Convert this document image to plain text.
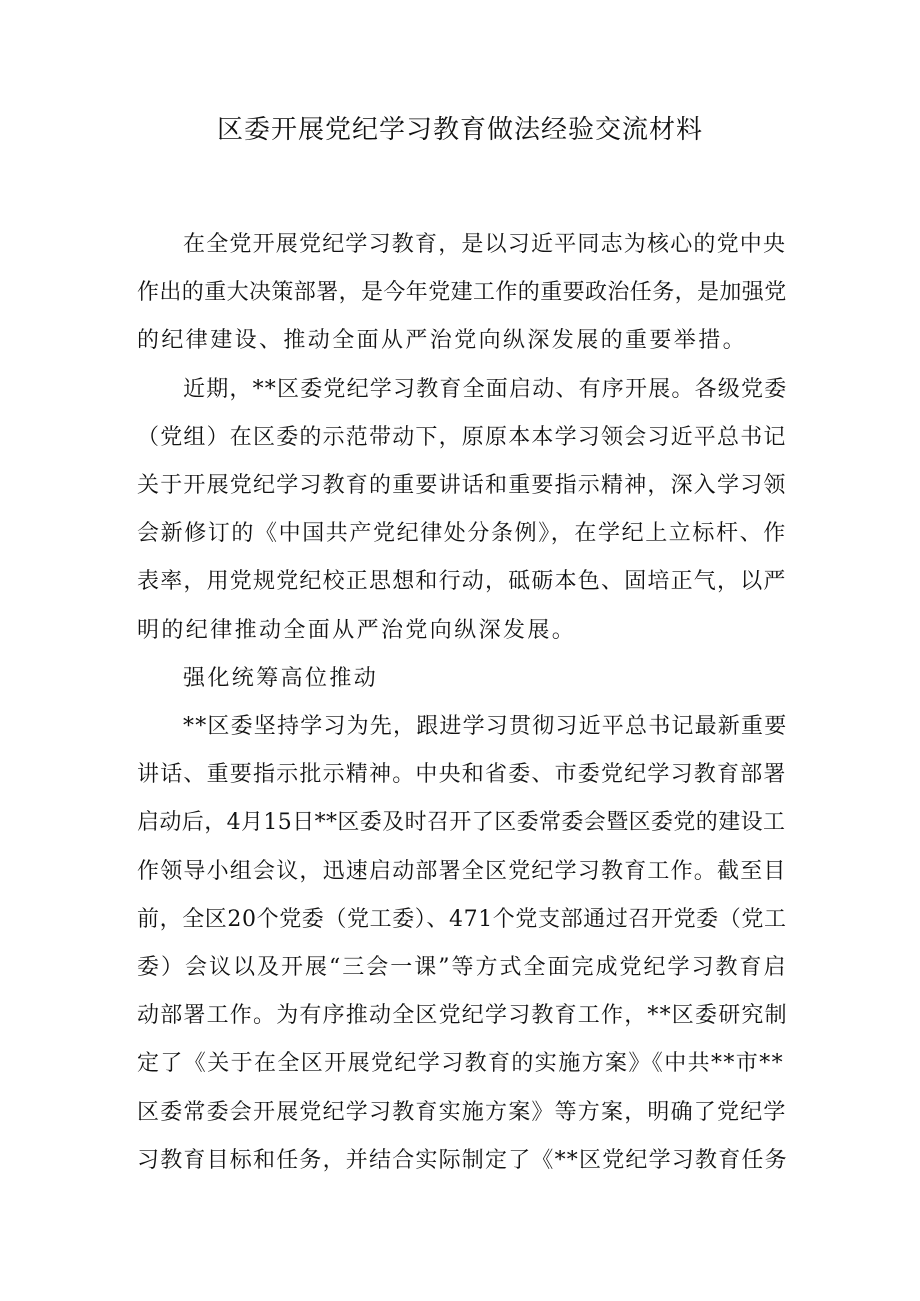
区委开展党纪学习教育做法经验交流材料

在全党开展党纪学习教育，是以习近平同志为核心的党中央

作出的重大决策部署，是今年党建工作的重要政治任务，是加强党

的纪律建设、推动全面从严治党向纵深发展的重要举措。

近期，**区委党纪学习教育全面启动、有序开展。各级党委

（党组）在区委的示范带动下，原原本本学习领会习近平总书记

关于开展党纪学习教育的重要讲话和重要指示精神，深入学习领

会新修订的《中国共产党纪律处分条例》，在学纪上立标杆、作

表率，用党规党纪校正思想和行动，砥砺本色、固培正气，以严

明的纪律推动全面从严治党向纵深发展。

强化统筹高位推动

**区委坚持学习为先，跟进学习贯彻习近平总书记最新重要

讲话、重要指示批示精神。中央和省委、市委党纪学习教育部署

启动后，4月15日**区委及时召开了区委常委会暨区委党的建设工

作领导小组会议，迅速启动部署全区党纪学习教育工作。截至目

前，全区20个党委（党工委）、471个党支部通过召开党委（党工

委）会议以及开展“三会一课”等方式全面完成党纪学习教育启

动部署工作。为有序推动全区党纪学习教育工作，**区委研究制

定了《关于在全区开展党纪学习教育的实施方案》《中共**市**

区委常委会开展党纪学习教育实施方案》等方案，明确了党纪学

习教育目标和任务，并结合实际制定了《**区党纪学习教育任务
